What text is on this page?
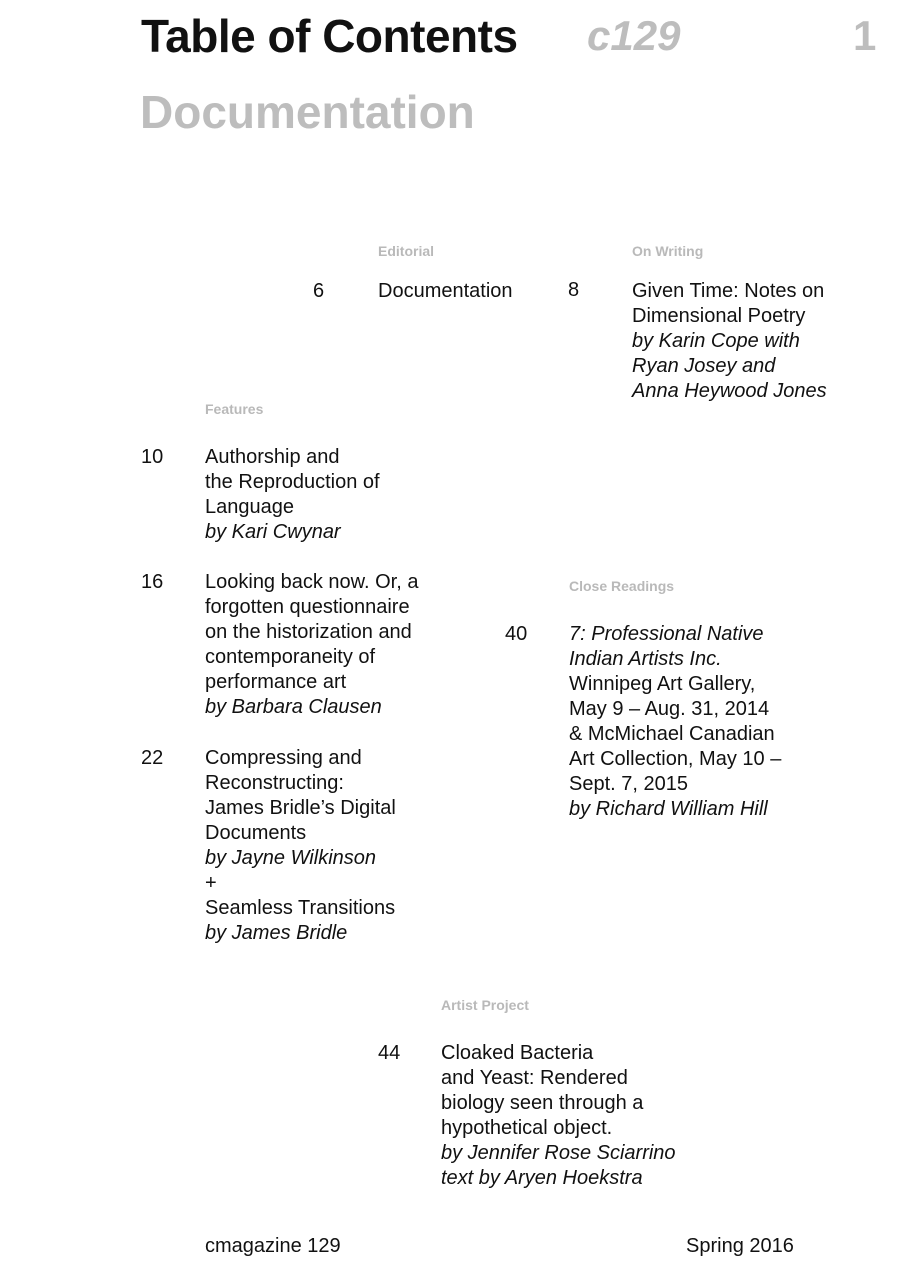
Table of Contents c129	1
Documentation
Editorial
6	Documentation
On Writing
8	Given Time: Notes on
Dimensional Poetry
by Karin Cope with
Ryan Josey and
Anna Heywood Jones
Features
10 Authorship and
the Reproduction of
Language
by Kari Cwynar
16 Looking back now. Or, a
forgotten questionnaire
on the historization and
contemporaneity of
performance art
by Barbara Clausen
22 Compressing and
Reconstructing:
James Bridle’s Digital
Documents
by Jayne Wilkinson
+
Seamless Transitions
by James Bridle
Close Readings
40 7: Professional Native
Indian Artists Inc.
Winnipeg Art Gallery,
May 9 – Aug. 31, 2014
& McMichael Canadian
Art Collection, May 10 –
Sept. 7, 2015
by Richard William Hill
Artist Project
44 Cloaked Bacteria
and Yeast: Rendered
biology seen through a
hypothetical object.
by Jennifer Rose Sciarrino
text by Aryen Hoekstra
cmagazine 129	Spring 2016
